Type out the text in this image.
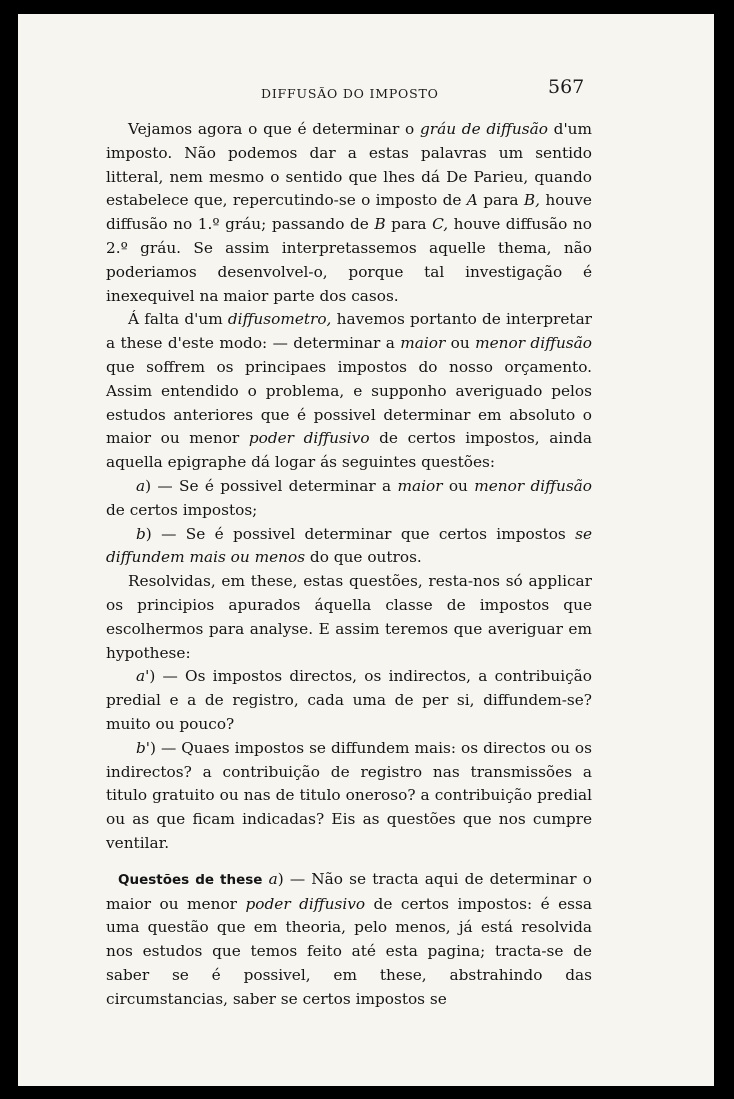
DIFFUSÃO DO IMPOSTO	567

Vejamos agora o que é determinar o gráu de diffusão d'um imposto. Não podemos dar a estas palavras um sentido litteral, nem mesmo o sentido que lhes dá De Parieu, quando estabelece que, repercutindo-se o imposto de A para B, houve diffusão no 1.º gráu; passando de B para C, houve diffusão no 2.º gráu. Se assim interpretassemos aquelle thema, não poderiamos desenvolvel-o, porque tal investigação é inexequivel na maior parte dos casos.

Á falta d'um diffusometro, havemos portanto de interpretar a these d'este modo: — determinar a maior ou menor diffusão que soffrem os principaes impostos do nosso orçamento. Assim entendido o problema, e supponho averiguado pelos estudos anteriores que é possivel determinar em absoluto o maior ou menor poder diffusivo de certos impostos, ainda aquella epigraphe dá logar ás seguintes questões:

a) — Se é possivel determinar a maior ou menor diffusão de certos impostos;

b) — Se é possivel determinar que certos impostos se diffundem mais ou menos do que outros.

Resolvidas, em these, estas questões, resta-nos só applicar os principios apurados áquella classe de impostos que escolhermos para analyse. E assim teremos que averiguar em hypothese:

a') — Os impostos directos, os indirectos, a contribuição predial e a de registro, cada uma de per si, diffundem-se? muito ou pouco?

b') — Quaes impostos se diffundem mais: os directos ou os indirectos? a contribuição de registro nas transmissões a titulo gratuito ou nas de titulo oneroso? a contribuição predial ou as que ficam indicadas? Eis as questões que nos cumpre ventilar.

Questões de these a) — Não se tracta aqui de determinar o maior ou menor poder diffusivo de certos impostos: é essa uma questão que em theoria, pelo menos, já está resolvida nos estudos que temos feito até esta pagina; tracta-se de saber se é possivel, em these, abstrahindo das circumstancias, saber se certos impostos se
